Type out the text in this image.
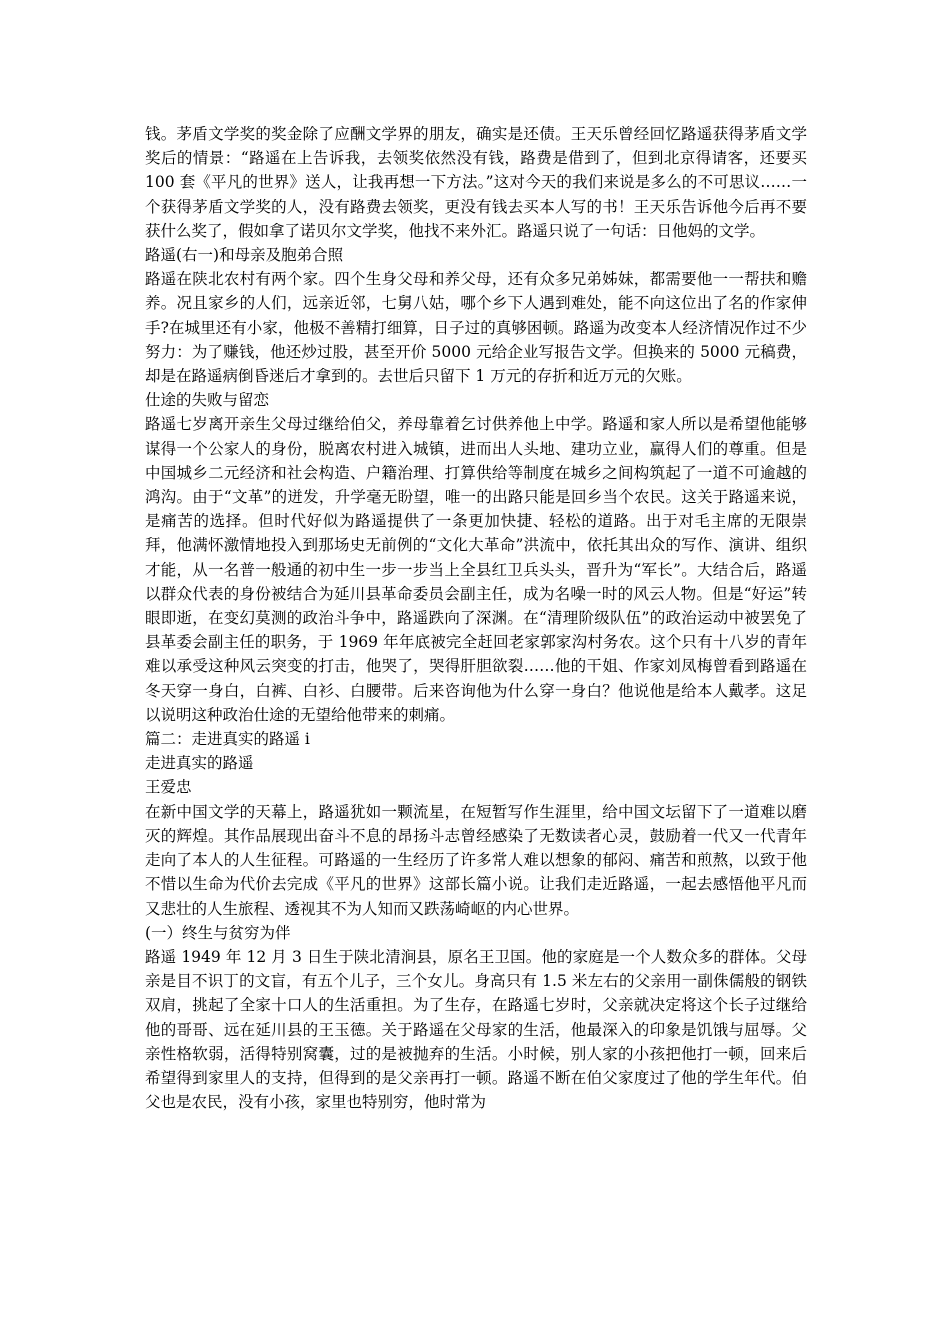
钱。茅盾文学奖的奖金除了应酬文学界的朋友，确实是还债。王天乐曾经回忆路遥获得茅盾文学奖后的情景：“路遥在上告诉我，去领奖依然没有钱，路费是借到了，但到北京得请客，还要买 100 套《平凡的世界》送人，让我再想一下方法。”这对今天的我们来说是多么的不可思议……一个获得茅盾文学奖的人，没有路费去领奖，更没有钱去买本人写的书！王天乐告诉他今后再不要获什么奖了，假如拿了诺贝尔文学奖，他找不来外汇。路遥只说了一句话：日他妈的文学。

路遥(右一)和母亲及胞弟合照

路遥在陕北农村有两个家。四个生身父母和养父母，还有众多兄弟姊妹，都需要他一一帮扶和赡养。况且家乡的人们，远亲近邻，七舅八姑，哪个乡下人遇到难处，能不向这位出了名的作家伸手?在城里还有小家，他极不善精打细算，日子过的真够困顿。路遥为改变本人经济情况作过不少努力：为了赚钱，他还炒过股，甚至开价 5000 元给企业写报告文学。但换来的 5000 元稿费，却是在路遥病倒昏迷后才拿到的。去世后只留下 1 万元的存折和近万元的欠账。

仕途的失败与留恋

路遥七岁离开亲生父母过继给伯父，养母靠着乞讨供养他上中学。路遥和家人所以是希望他能够谋得一个公家人的身份，脱离农村进入城镇，进而出人头地、建功立业，赢得人们的尊重。但是中国城乡二元经济和社会构造、户籍治理、打算供给等制度在城乡之间构筑起了一道不可逾越的鸿沟。由于“文革”的迸发，升学毫无盼望，唯一的出路只能是回乡当个农民。这关于路遥来说，是痛苦的选择。但时代好似为路遥提供了一条更加快捷、轻松的道路。出于对毛主席的无限崇拜，他满怀激情地投入到那场史无前例的“文化大革命”洪流中，依托其出众的写作、演讲、组织才能，从一名普一般通的初中生一步一步当上全县红卫兵头头，晋升为“军长”。大结合后，路遥以群众代表的身份被结合为延川县革命委员会副主任，成为名噪一时的风云人物。但是“好运”转眼即逝，在变幻莫测的政治斗争中，路遥跌向了深渊。在“清理阶级队伍”的政治运动中被罢免了县革委会副主任的职务，于 1969 年年底被完全赶回老家郭家沟村务农。这个只有十八岁的青年难以承受这种风云突变的打击，他哭了，哭得肝胆欲裂……他的干姐、作家刘凤梅曾看到路遥在冬天穿一身白，白裤、白衫、白腰带。后来咨询他为什么穿一身白？他说他是给本人戴孝。这足以说明这种政治仕途的无望给他带来的刺痛。

篇二：走进真实的路遥 i

走进真实的路遥

王爱忠

在新中国文学的天幕上，路遥犹如一颗流星，在短暂写作生涯里，给中国文坛留下了一道难以磨灭的辉煌。其作品展现出奋斗不息的昂扬斗志曾经感染了无数读者心灵，鼓励着一代又一代青年走向了本人的人生征程。可路遥的一生经历了许多常人难以想象的郁闷、痛苦和煎熬，以致于他不惜以生命为代价去完成《平凡的世界》这部长篇小说。让我们走近路遥，一起去感悟他平凡而又悲壮的人生旅程、透视其不为人知而又跌荡崎岖的内心世界。

(一）终生与贫穷为伴

路遥 1949 年 12 月 3 日生于陕北清涧县，原名王卫国。他的家庭是一个人数众多的群体。父母亲是目不识丁的文盲，有五个儿子，三个女儿。身高只有 1.5 米左右的父亲用一副侏儒般的钢铁双肩，挑起了全家十口人的生活重担。为了生存，在路遥七岁时，父亲就决定将这个长子过继给他的哥哥、远在延川县的王玉德。关于路遥在父母家的生活，他最深入的印象是饥饿与屈辱。父亲性格软弱，活得特别窝囊，过的是被抛弃的生活。小时候，别人家的小孩把他打一顿，回来后希望得到家里人的支持，但得到的是父亲再打一顿。路遥不断在伯父家度过了他的学生年代。伯父也是农民，没有小孩，家里也特别穷，他时常为
